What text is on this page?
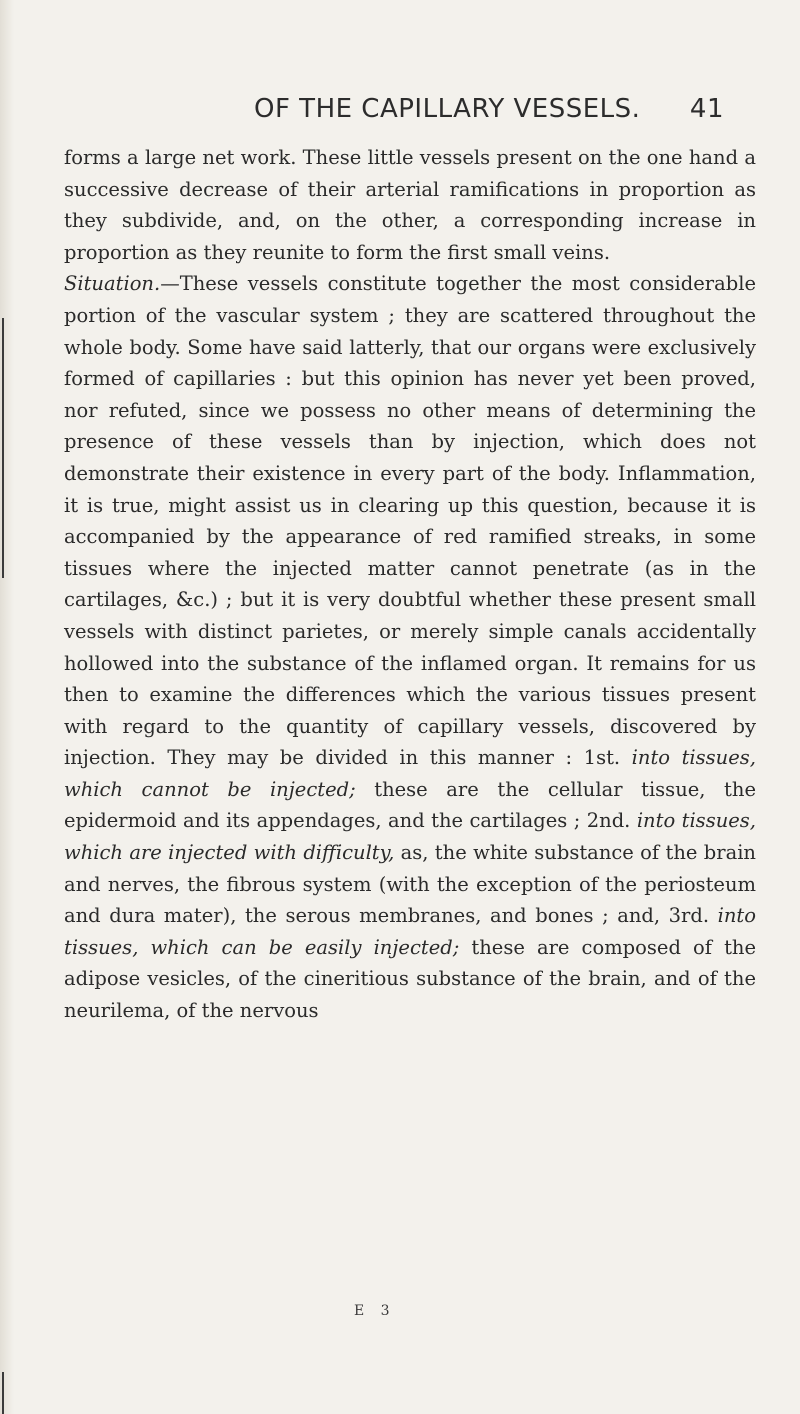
OF THE CAPILLARY VESSELS. 41

forms a large net work. These little vessels present on the one hand a successive decrease of their arterial ramifications in proportion as they subdivide, and, on the other, a corresponding increase in proportion as they reunite to form the first small veins.

Situation.—These vessels constitute together the most considerable portion of the vascular system ; they are scattered throughout the whole body. Some have said latterly, that our organs were exclusively formed of capillaries : but this opinion has never yet been proved, nor refuted, since we possess no other means of determining the presence of these vessels than by injection, which does not demonstrate their existence in every part of the body. Inflammation, it is true, might assist us in clearing up this question, because it is accompanied by the appearance of red ramified streaks, in some tissues where the injected matter cannot penetrate (as in the cartilages, &c.) ; but it is very doubtful whether these present small vessels with distinct parietes, or merely simple canals accidentally hollowed into the substance of the inflamed organ. It remains for us then to examine the differences which the various tissues present with regard to the quantity of capillary vessels, discovered by injection. They may be divided in this manner : 1st. into tissues, which cannot be injected; these are the cellular tissue, the epidermoid and its appendages, and the cartilages ; 2nd. into tissues, which are injected with difficulty, as, the white substance of the brain and nerves, the fibrous system (with the exception of the periosteum and dura mater), the serous membranes, and bones ; and, 3rd. into tissues, which can be easily injected; these are composed of the adipose vesicles, of the cineritious substance of the brain, and of the neurilema, of the nervous

E 3
